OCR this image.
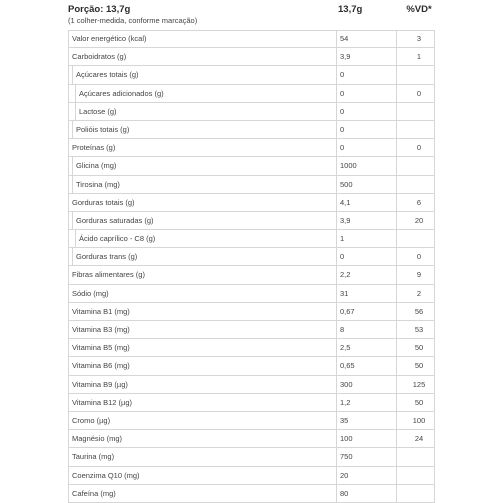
Porção: 13,7g
(1 colher-medida, conforme marcação)
13,7g	%VD*
Valor energético (kcal)	54	3
Carboidratos (g)	3,9	1
Açúcares totais (g)	0
Açúcares adicionados (g)	0	0
Lactose (g)	0
Polióis totais (g)	0
Proteínas (g)	0	0
Glicina (mg)	1000
Tirosina (mg)	500
Gorduras totais (g)	4,1	6
Gorduras saturadas (g)	3,9	20
Ácido caprílico - C8 (g)	1
Gorduras trans (g)	0	0
Fibras alimentares (g)	2,2	9
Sódio (mg)	31	2
Vitamina B1 (mg)	0,67	56
Vitamina B3 (mg)	8	53
Vitamina B5 (mg)	2,5	50
Vitamina B6 (mg)	0,65	50
Vitamina B9 (µg)	300	125
Vitamina B12 (µg)	1,2	50
Cromo (µg)	35	100
Magnésio (mg)	100	24
Taurina (mg)	750
Coenzima Q10 (mg)	20
Cafeína (mg)	80
